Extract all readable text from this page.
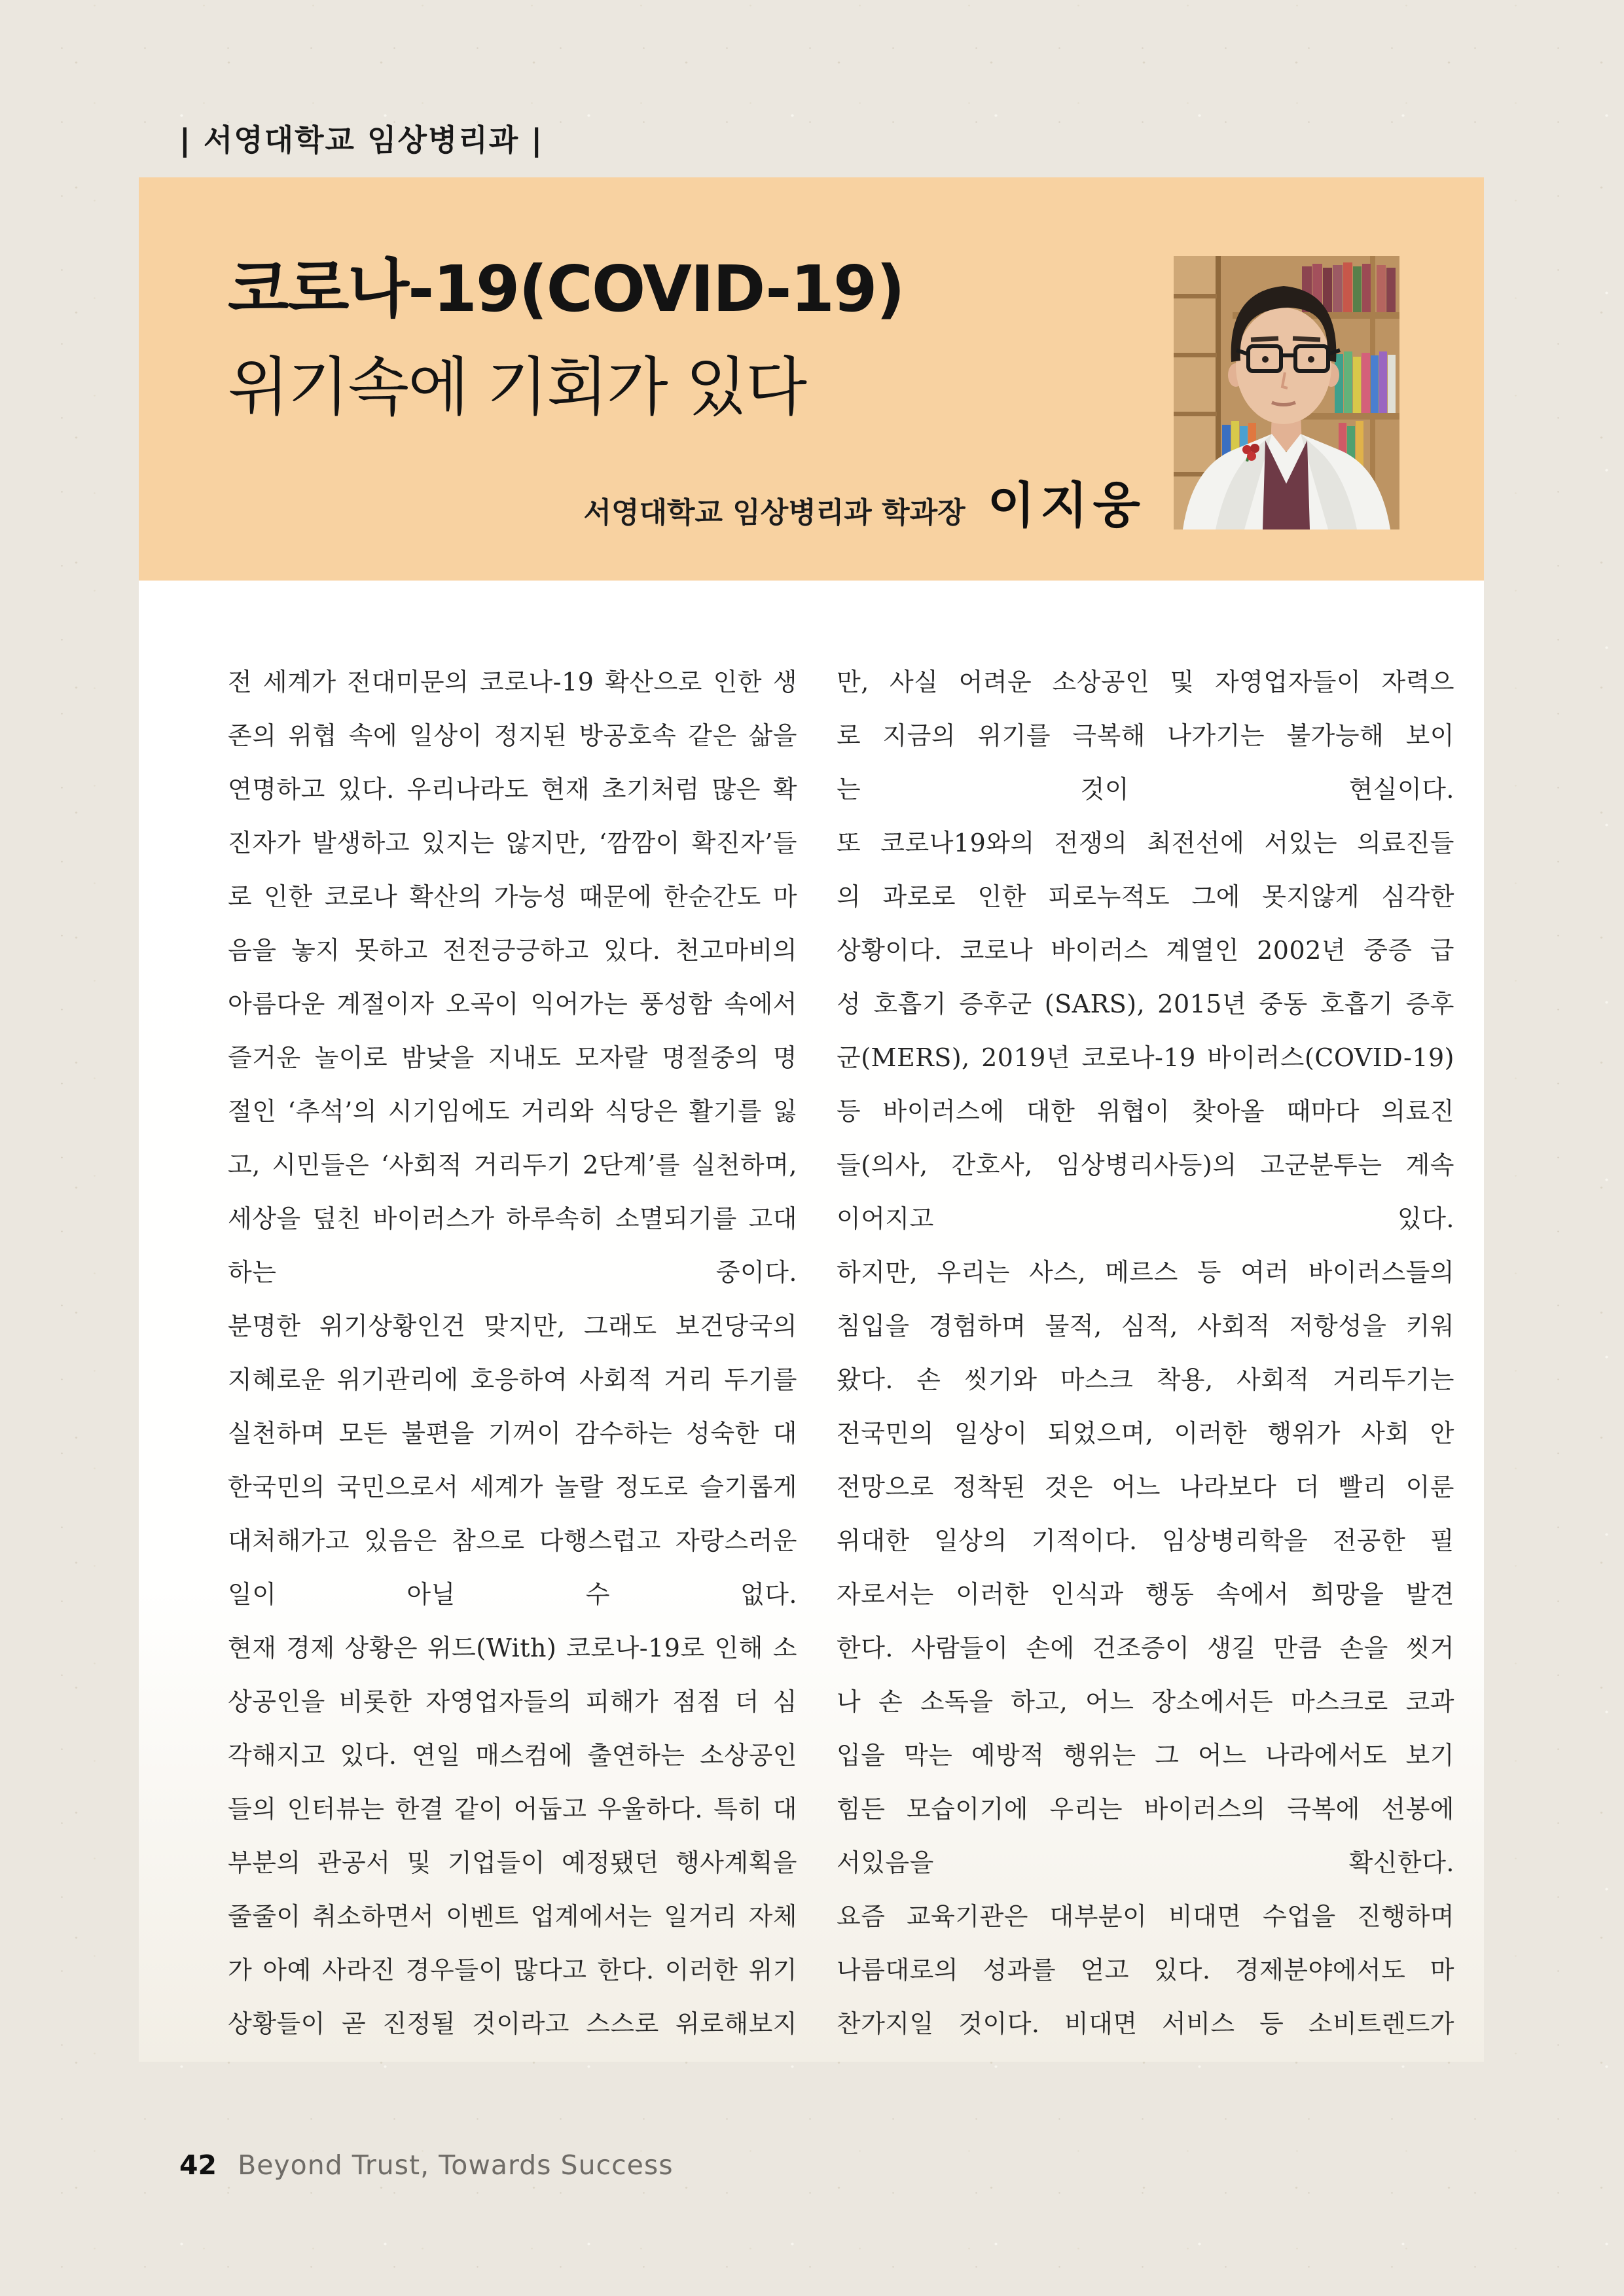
| 서영대학교 임상병리과 |
코로나-19(COVID-19)
위기속에 기회가 있다
서영대학교 임상병리과 학과장 이지웅
전 세계가 전대미문의 코로나-19 확산으로 인한 생
존의 위협 속에 일상이 정지된 방공호속 같은 삶을
연명하고 있다. 우리나라도 현재 초기처럼 많은 확
진자가 발생하고 있지는 않지만, ‘깜깜이 확진자’들
로 인한 코로나 확산의 가능성 때문에 한순간도 마
음을 놓지 못하고 전전긍긍하고 있다. 천고마비의
아름다운 계절이자 오곡이 익어가는 풍성함 속에서
즐거운 놀이로 밤낮을 지내도 모자랄 명절중의 명
절인 ‘추석’의 시기임에도 거리와 식당은 활기를 잃
고, 시민들은 ‘사회적 거리두기 2단계’를 실천하며,
세상을 덮친 바이러스가 하루속히 소멸되기를 고대
하는 중이다.
분명한 위기상황인건 맞지만, 그래도 보건당국의
지혜로운 위기관리에 호응하여 사회적 거리 두기를
실천하며 모든 불편을 기꺼이 감수하는 성숙한 대
한국민의 국민으로서 세계가 놀랄 정도로 슬기롭게
대처해가고 있음은 참으로 다행스럽고 자랑스러운
일이 아닐 수 없다.
현재 경제 상황은 위드(With) 코로나-19로 인해 소
상공인을 비롯한 자영업자들의 피해가 점점 더 심
각해지고 있다. 연일 매스컴에 출연하는 소상공인
들의 인터뷰는 한결 같이 어둡고 우울하다. 특히 대
부분의 관공서 및 기업들이 예정됐던 행사계획을
줄줄이 취소하면서 이벤트 업계에서는 일거리 자체
가 아예 사라진 경우들이 많다고 한다. 이러한 위기
상황들이 곧 진정될 것이라고 스스로 위로해보지
만, 사실 어려운 소상공인 및 자영업자들이 자력으
로 지금의 위기를 극복해 나가기는 불가능해 보이
는 것이 현실이다.
또 코로나19와의 전쟁의 최전선에 서있는 의료진들
의 과로로 인한 피로누적도 그에 못지않게 심각한
상황이다. 코로나 바이러스 계열인 2002년 중증 급
성 호흡기 증후군 (SARS), 2015년 중동 호흡기 증후
군(MERS), 2019년 코로나-19 바이러스(COVID-19)
등 바이러스에 대한 위협이 찾아올 때마다 의료진
들(의사, 간호사, 임상병리사등)의 고군분투는 계속
이어지고 있다.
하지만, 우리는 사스, 메르스 등 여러 바이러스들의
침입을 경험하며 물적, 심적, 사회적 저항성을 키워
왔다. 손 씻기와 마스크 착용, 사회적 거리두기는
전국민의 일상이 되었으며, 이러한 행위가 사회 안
전망으로 정착된 것은 어느 나라보다 더 빨리 이룬
위대한 일상의 기적이다. 임상병리학을 전공한 필
자로서는 이러한 인식과 행동 속에서 희망을 발견
한다. 사람들이 손에 건조증이 생길 만큼 손을 씻거
나 손 소독을 하고, 어느 장소에서든 마스크로 코과
입을 막는 예방적 행위는 그 어느 나라에서도 보기
힘든 모습이기에 우리는 바이러스의 극복에 선봉에
서있음을 확신한다.
요즘 교육기관은 대부분이 비대면 수업을 진행하며
나름대로의 성과를 얻고 있다. 경제분야에서도 마
찬가지일 것이다. 비대면 서비스 등 소비트렌드가
42 Beyond Trust, Towards Success
